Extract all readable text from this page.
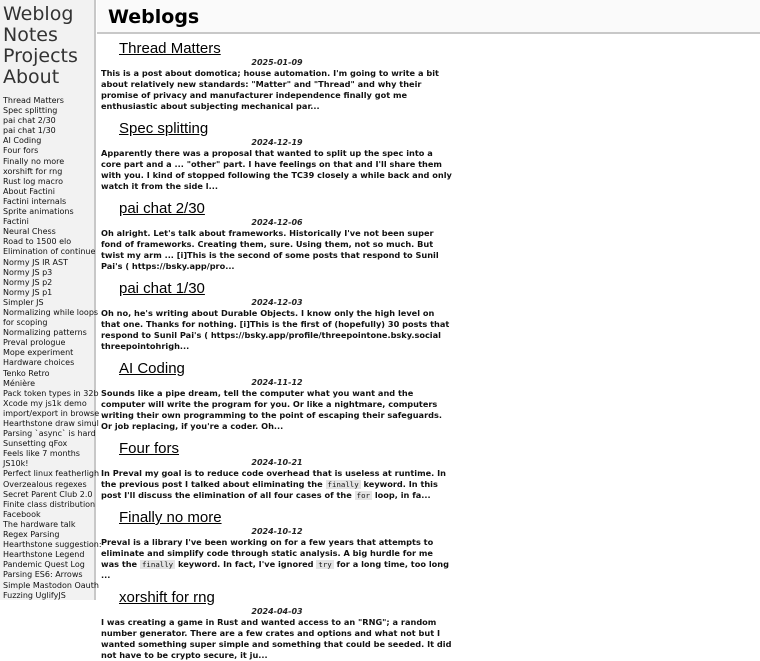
Weblog
Notes
Projects
About
Thread Matters
Spec splitting
pai chat 2/30
pai chat 1/30
AI Coding
Four fors
Finally no more
xorshift for rng
Rust log macro
About Factini
Factini internals
Sprite animations
Factini
Neural Chess
Road to 1500 elo
Elimination of continue
Normy JS IR AST
Normy JS p3
Normy JS p2
Normy JS p1
Simpler JS
Normalizing while loops
for scoping
Normalizing patterns
Preval prologue
Mope experiment
Hardware choices
Tenko Retro
Ménière
Pack token types in 32b
Xcode my js1k demo
import/export in browse
Hearthstone draw simul
Parsing `async` is hard
Sunsetting qFox
Feels like 7 months
JS10k!
Perfect linux featherligh
Overzealous regexes
Secret Parent Club 2.0
Finite class distribution
Facebook
The hardware talk
Regex Parsing
Hearthstone suggestion:
Hearthstone Legend
Pandemic Quest Log
Parsing ES6: Arrows
Simple Mastodon Oauth
Fuzzing UglifyJS
Weblogs
Thread Matters
2025-01-09
This is a post about domotica; house automation. I'm going to write a bit about relatively new standards: "Matter" and "Thread" and why their promise of privacy and manufacturer independence finally got me enthusiastic about subjecting mechanical par...
Spec splitting
2024-12-19
Apparently there was a proposal that wanted to split up the spec into a core part and a ... "other" part. I have feelings on that and I'll share them with you. I kind of stopped following the TC39 closely a while back and only watch it from the side l...
pai chat 2/30
2024-12-06
Oh alright. Let's talk about frameworks. Historically I've not been super fond of frameworks. Creating them, sure. Using them, not so much. But twist my arm ... [i]This is the second of some posts that respond to Sunil Pai's ( https://bsky.app/pro...
pai chat 1/30
2024-12-03
Oh no, he's writing about Durable Objects. I know only the high level on that one. Thanks for nothing. [i]This is the first of (hopefully) 30 posts that respond to Sunil Pai's ( https://bsky.app/profile/threepointone.bsky.social threepointohrigh...
AI Coding
2024-11-12
Sounds like a pipe dream, tell the computer what you want and the computer will write the program for you. Or like a nightmare, computers writing their own programming to the point of escaping their safeguards. Or job replacing, if you're a coder. Oh...
Four fors
2024-10-21
In Preval my goal is to reduce code overhead that is useless at runtime. In the previous post I talked about eliminating the finally keyword. In this post I'll discuss the elimination of all four cases of the for loop, in fa...
Finally no more
2024-10-12
Preval is a library I've been working on for a few years that attempts to eliminate and simplify code through static analysis. A big hurdle for me was the finally keyword. In fact, I've ignored try for a long time, too long ...
xorshift for rng
2024-04-03
I was creating a game in Rust and wanted access to an "RNG"; a random number generator. There are a few crates and options and what not but I wanted something super simple and something that could be seeded. It did not have to be crypto secure, it ju...
